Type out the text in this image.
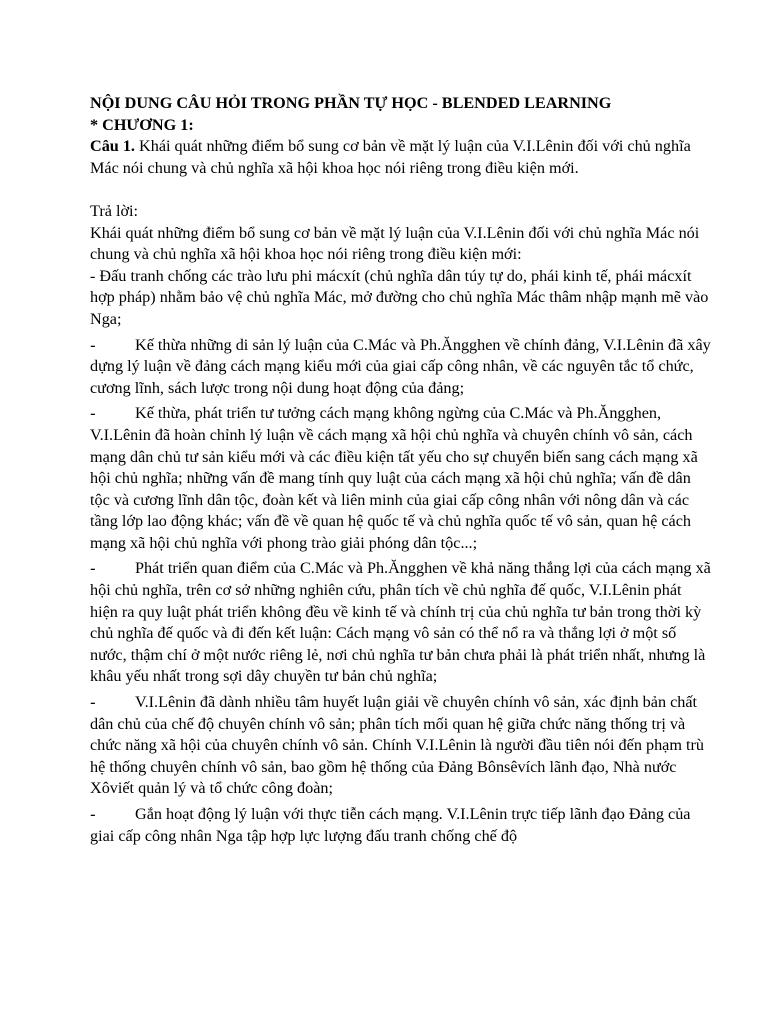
NỘI DUNG CÂU HỎI TRONG PHẦN TỰ HỌC - BLENDED LEARNING

* CHƯƠNG 1:

Câu 1. Khái quát những điểm bổ sung cơ bản về mặt lý luận của V.I.Lênin đối với chủ nghĩa Mác nói chung và chủ nghĩa xã hội khoa học nói riêng trong điều kiện mới.

Trả lời:

Khái quát những điểm bổ sung cơ bản về mặt lý luận của V.I.Lênin đối với chủ nghĩa Mác nói chung và chủ nghĩa xã hội khoa học nói riêng trong điều kiện mới:

- Đấu tranh chống các trào lưu phi mácxít (chủ nghĩa dân túy tự do, phái kinh tế, phái mácxít hợp pháp) nhằm bảo vệ chủ nghĩa Mác, mở đường cho chủ nghĩa Mác thâm nhập mạnh mẽ vào Nga;

- Kế thừa những di sản lý luận của C.Mác và Ph.Ăngghen về chính đảng, V.I.Lênin đã xây dựng lý luận về đảng cách mạng kiểu mới của giai cấp công nhân, về các nguyên tắc tổ chức, cương lĩnh, sách lược trong nội dung hoạt động của đảng;

- Kế thừa, phát triển tư tưởng cách mạng không ngừng của C.Mác và Ph.Ăngghen, V.I.Lênin đã hoàn chỉnh lý luận về cách mạng xã hội chủ nghĩa và chuyên chính vô sản, cách mạng dân chủ tư sản kiểu mới và các điều kiện tất yếu cho sự chuyển biến sang cách mạng xã hội chủ nghĩa; những vấn đề mang tính quy luật của cách mạng xã hội chủ nghĩa; vấn đề dân tộc và cương lĩnh dân tộc, đoàn kết và liên minh của giai cấp công nhân với nông dân và các tầng lớp lao động khác; vấn đề về quan hệ quốc tế và chủ nghĩa quốc tế vô sản, quan hệ cách mạng xã hội chủ nghĩa với phong trào giải phóng dân tộc...;

- Phát triển quan điểm của C.Mác và Ph.Ăngghen về khả năng thắng lợi của cách mạng xã hội chủ nghĩa, trên cơ sở những nghiên cứu, phân tích về chủ nghĩa đế quốc, V.I.Lênin phát hiện ra quy luật phát triển không đều về kinh tế và chính trị của chủ nghĩa tư bản trong thời kỳ chủ nghĩa đế quốc và đi đến kết luận: Cách mạng vô sản có thể nổ ra và thắng lợi ở một số nước, thậm chí ở một nước riêng lẻ, nơi chủ nghĩa tư bản chưa phải là phát triển nhất, nhưng là khâu yếu nhất trong sợi dây chuyền tư bản chủ nghĩa;

- V.I.Lênin đã dành nhiều tâm huyết luận giải về chuyên chính vô sản, xác định bản chất dân chủ của chế độ chuyên chính vô sản; phân tích mối quan hệ giữa chức năng thống trị và chức năng xã hội của chuyên chính vô sản. Chính V.I.Lênin là người đầu tiên nói đến phạm trù hệ thống chuyên chính vô sản, bao gồm hệ thống của Đảng Bônsêvích lãnh đạo, Nhà nước Xôviết quản lý và tổ chức công đoàn;

- Gắn hoạt động lý luận với thực tiễn cách mạng. V.I.Lênin trực tiếp lãnh đạo Đảng của giai cấp công nhân Nga tập hợp lực lượng đấu tranh chống chế độ
